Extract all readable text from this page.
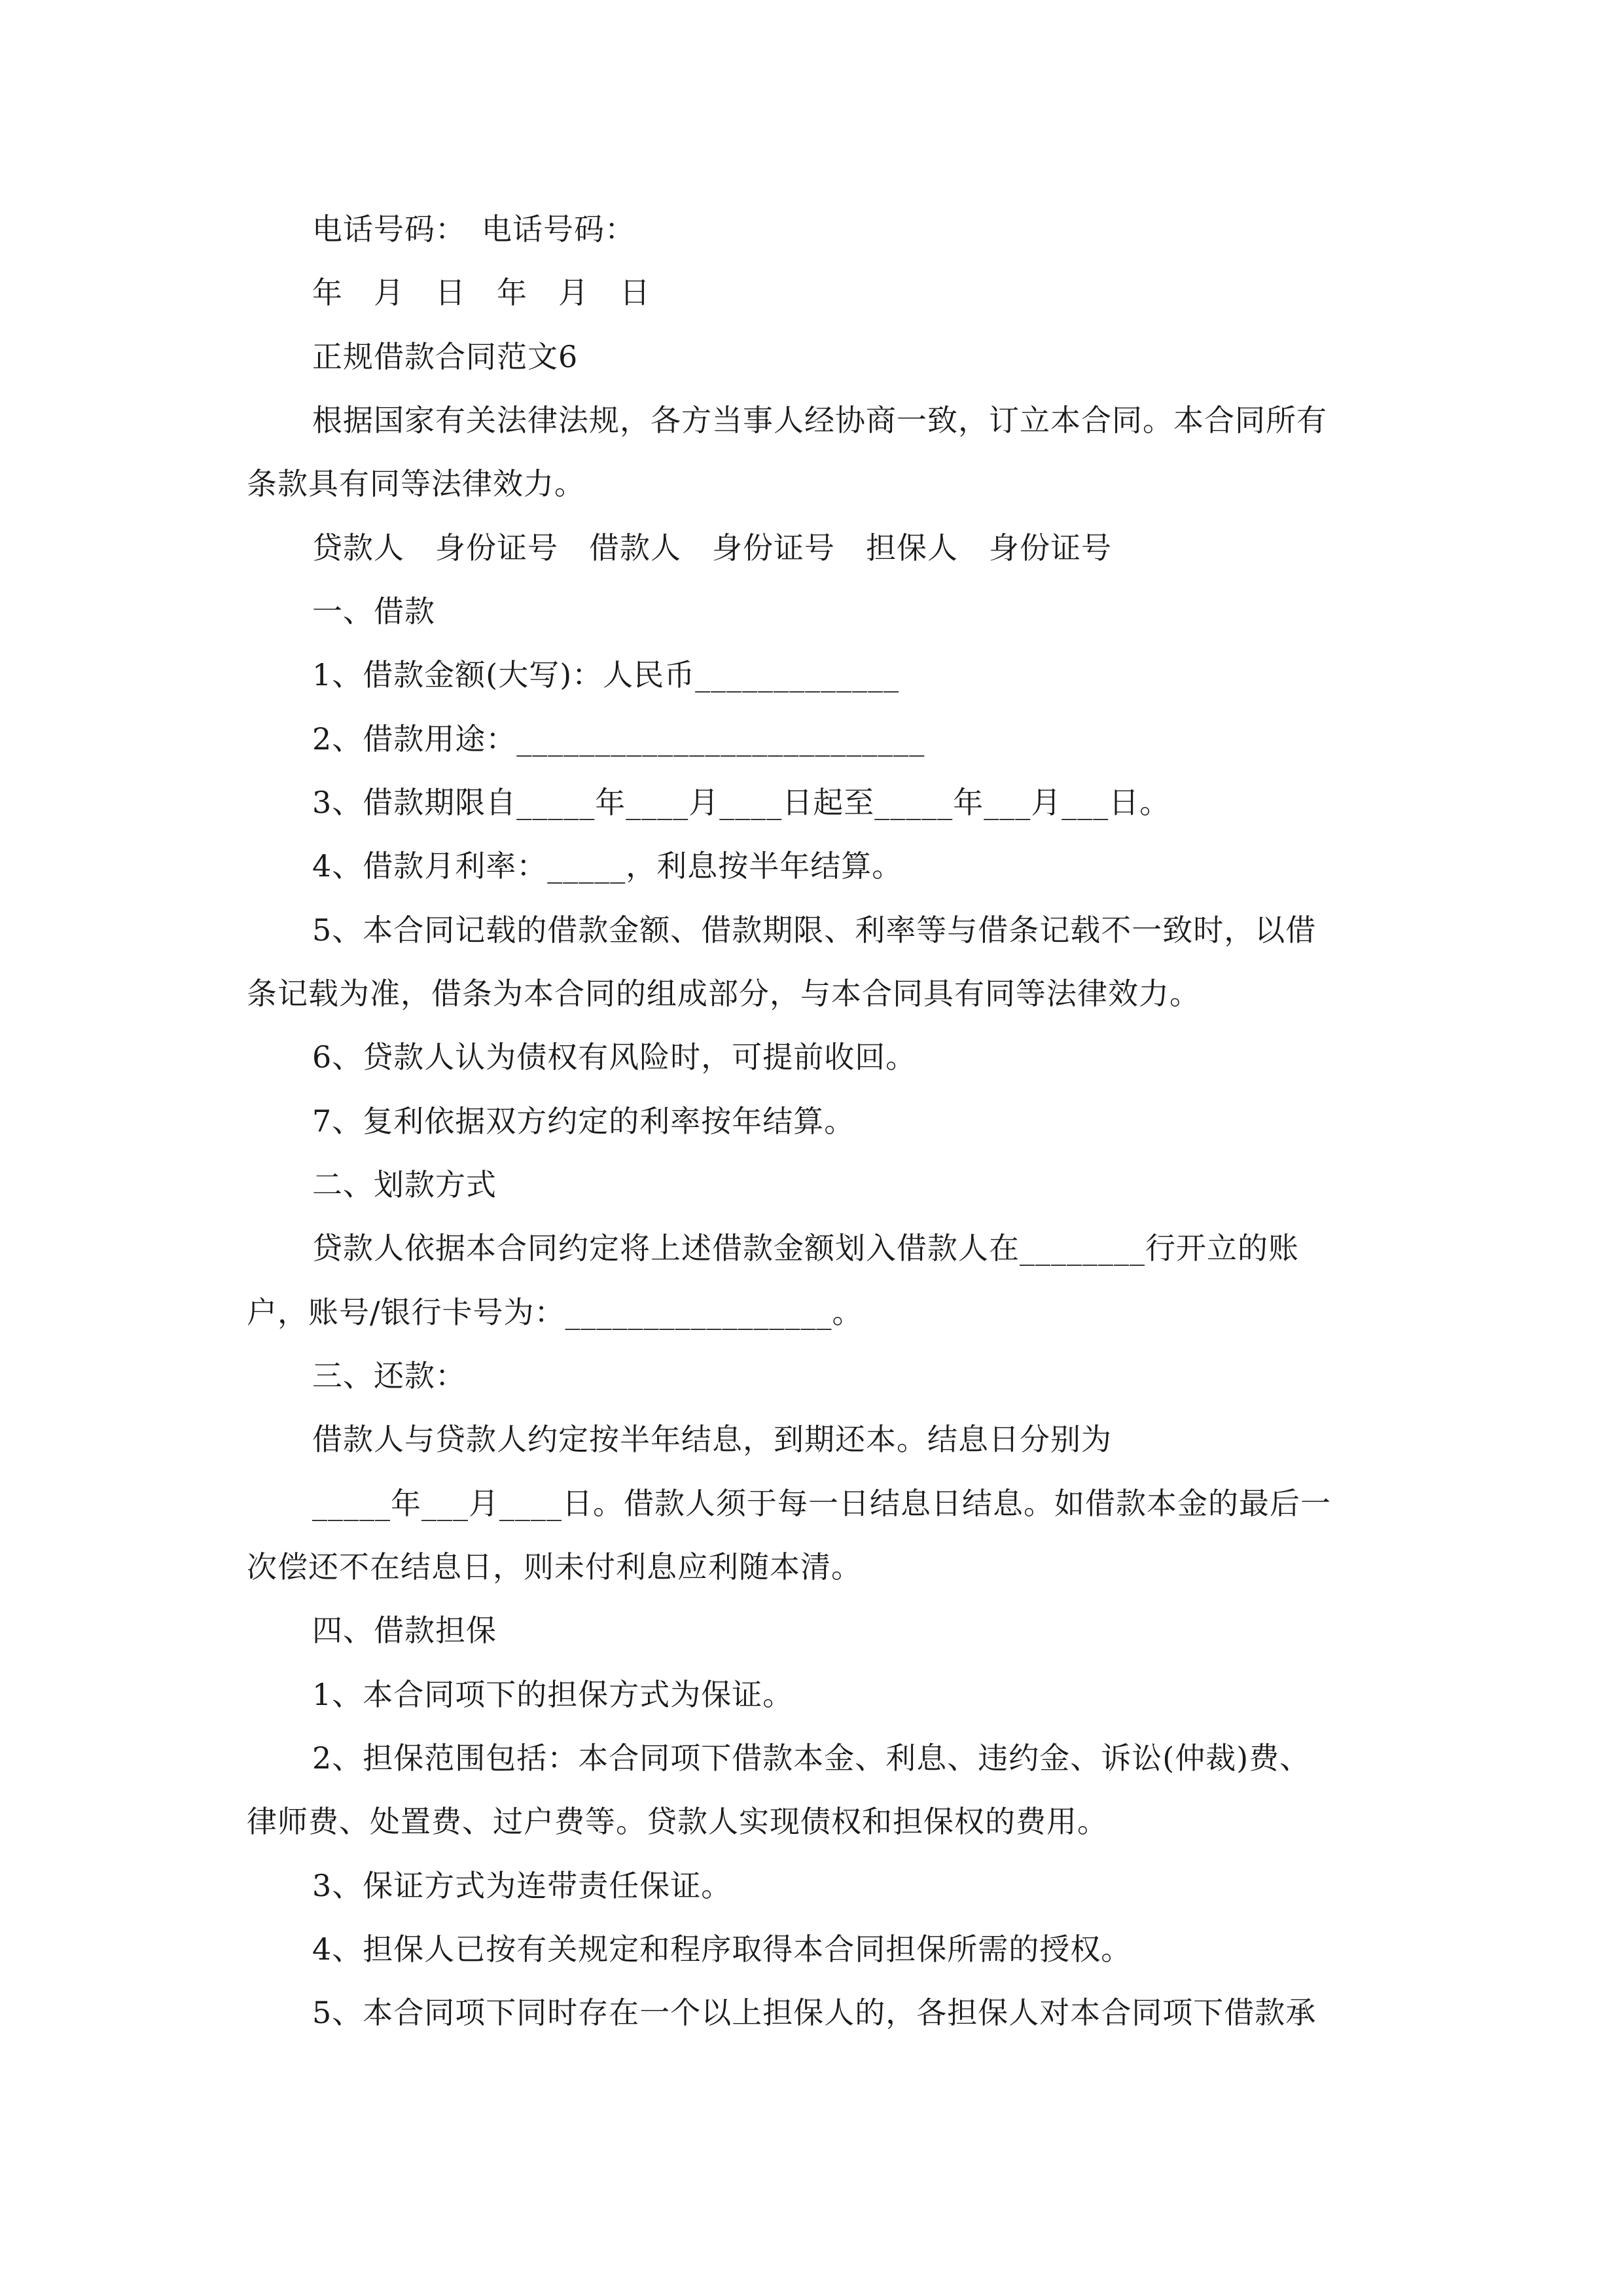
电话号码：　电话号码：
年　月　日　年　月　日
正规借款合同范文6
根据国家有关法律法规，各方当事人经协商一致，订立本合同。本合同所有
条款具有同等法律效力。
贷款人　身份证号　借款人　身份证号　担保人　身份证号
一、借款
1、借款金额(大写)：人民币_____________
2、借款用途：__________________________
3、借款期限自_____年____月____日起至_____年___月___日。
4、借款月利率：_____，利息按半年结算。
5、本合同记载的借款金额、借款期限、利率等与借条记载不一致时，以借
条记载为准，借条为本合同的组成部分，与本合同具有同等法律效力。
6、贷款人认为债权有风险时，可提前收回。
7、复利依据双方约定的利率按年结算。
二、划款方式
贷款人依据本合同约定将上述借款金额划入借款人在________行开立的账
户，账号/银行卡号为：_________________。
三、还款：
借款人与贷款人约定按半年结息，到期还本。结息日分别为
_____年___月____日。借款人须于每一日结息日结息。如借款本金的最后一
次偿还不在结息日，则未付利息应利随本清。
四、借款担保
1、本合同项下的担保方式为保证。
2、担保范围包括：本合同项下借款本金、利息、违约金、诉讼(仲裁)费、
律师费、处置费、过户费等。贷款人实现债权和担保权的费用。
3、保证方式为连带责任保证。
4、担保人已按有关规定和程序取得本合同担保所需的授权。
5、本合同项下同时存在一个以上担保人的，各担保人对本合同项下借款承
